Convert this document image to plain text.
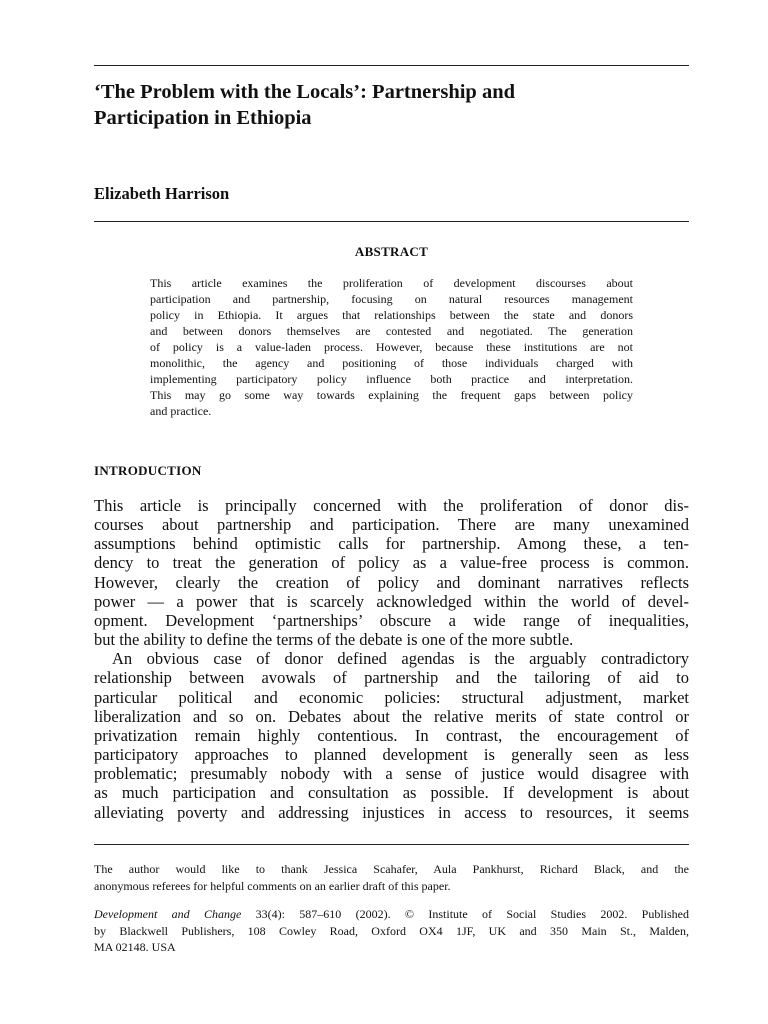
‘The Problem with the Locals’: Partnership and
Participation in Ethiopia
Elizabeth Harrison
ABSTRACT
This article examines the proliferation of development discourses about
participation and partnership, focusing on natural resources management
policy in Ethiopia. It argues that relationships between the state and donors
and between donors themselves are contested and negotiated. The generation
of policy is a value-laden process. However, because these institutions are not
monolithic, the agency and positioning of those individuals charged with
implementing participatory policy influence both practice and interpretation.
This may go some way towards explaining the frequent gaps between policy
and practice.
INTRODUCTION
This article is principally concerned with the proliferation of donor dis-
courses about partnership and participation. There are many unexamined
assumptions behind optimistic calls for partnership. Among these, a ten-
dency to treat the generation of policy as a value-free process is common.
However, clearly the creation of policy and dominant narratives reflects
power — a power that is scarcely acknowledged within the world of devel-
opment. Development ‘partnerships’ obscure a wide range of inequalities,
but the ability to define the terms of the debate is one of the more subtle.
An obvious case of donor defined agendas is the arguably contradictory
relationship between avowals of partnership and the tailoring of aid to
particular political and economic policies: structural adjustment, market
liberalization and so on. Debates about the relative merits of state control or
privatization remain highly contentious. In contrast, the encouragement of
participatory approaches to planned development is generally seen as less
problematic; presumably nobody with a sense of justice would disagree with
as much participation and consultation as possible. If development is about
alleviating poverty and addressing injustices in access to resources, it seems
The author would like to thank Jessica Scahafer, Aula Pankhurst, Richard Black, and the
anonymous referees for helpful comments on an earlier draft of this paper.
Development and Change 33(4): 587–610 (2002). © Institute of Social Studies 2002. Published
by Blackwell Publishers, 108 Cowley Road, Oxford OX4 1JF, UK and 350 Main St., Malden,
MA 02148. USA
